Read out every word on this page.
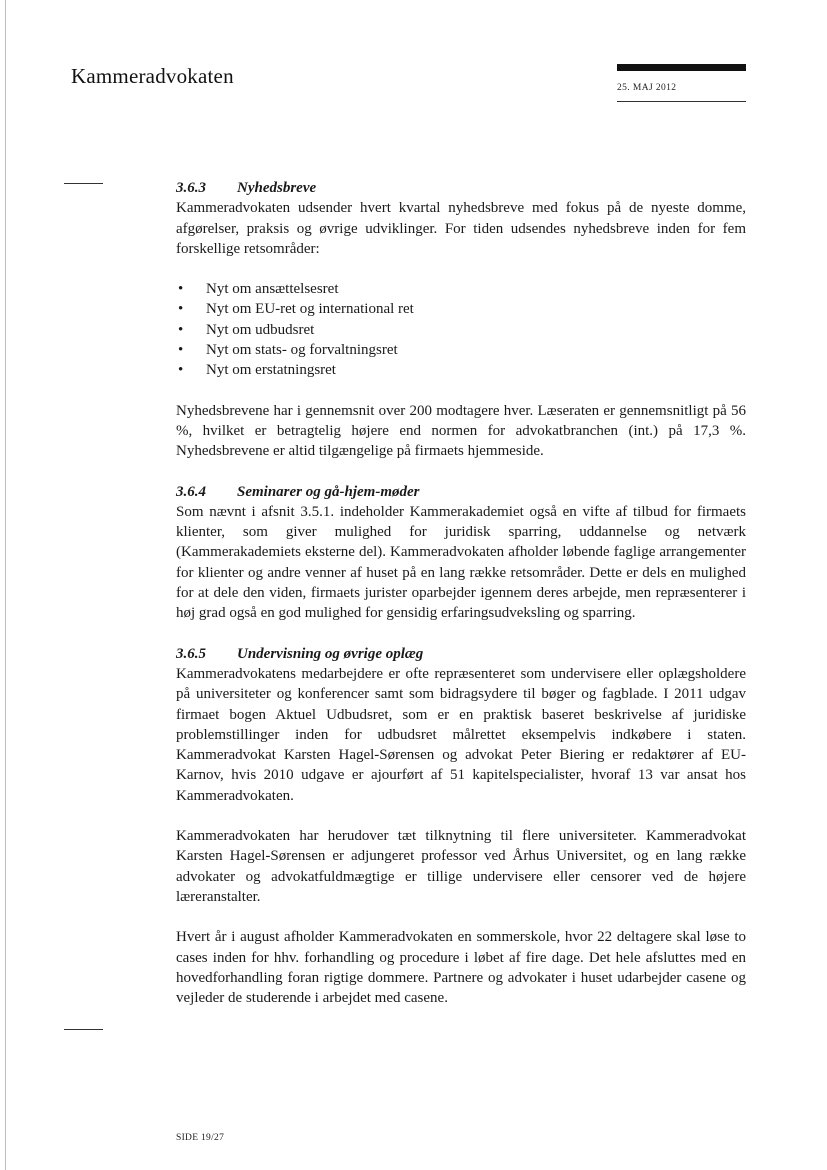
Kammeradvokaten	25. MAJ 2012
3.6.3 Nyhedsbreve

Kammeradvokaten udsender hvert kvartal nyhedsbreve med fokus på de nyeste domme, afgørelser, praksis og øvrige udviklinger. For tiden udsendes nyhedsbreve inden for fem forskellige retsområder:

• Nyt om ansættelsesret
• Nyt om EU-ret og international ret
• Nyt om udbudsret
• Nyt om stats- og forvaltningsret
• Nyt om erstatningsret

Nyhedsbrevene har i gennemsnit over 200 modtagere hver. Læseraten er gennemsnitligt på 56 %, hvilket er betragtelig højere end normen for advokatbranchen (int.) på 17,3 %. Nyhedsbrevene er altid tilgængelige på firmaets hjemmeside.

3.6.4 Seminarer og gå-hjem-møder

Som nævnt i afsnit 3.5.1. indeholder Kammerakademiet også en vifte af tilbud for firmaets klienter, som giver mulighed for juridisk sparring, uddannelse og netværk (Kammerakademiets eksterne del). Kammeradvokaten afholder løbende faglige arrangementer for klienter og andre venner af huset på en lang række retsområder. Dette er dels en mulighed for at dele den viden, firmaets jurister oparbejder igennem deres arbejde, men repræsenterer i høj grad også en god mulighed for gensidig erfaringsudveksling og sparring.

3.6.5 Undervisning og øvrige oplæg

Kammeradvokatens medarbejdere er ofte repræsenteret som undervisere eller oplægsholdere på universiteter og konferencer samt som bidragsydere til bøger og fagblade. I 2011 udgav firmaet bogen Aktuel Udbudsret, som er en praktisk baseret beskrivelse af juridiske problemstillinger inden for udbudsret målrettet eksempelvis indkøbere i staten. Kammeradvokat Karsten Hagel-Sørensen og advokat Peter Biering er redaktører af EU-Karnov, hvis 2010 udgave er ajourført af 51 kapitelspecialister, hvoraf 13 var ansat hos Kammeradvokaten.

Kammeradvokaten har herudover tæt tilknytning til flere universiteter. Kammeradvokat Karsten Hagel-Sørensen er adjungeret professor ved Århus Universitet, og en lang række advokater og advokatfuldmægtige er tillige undervisere eller censorer ved de højere læreranstalter.

Hvert år i august afholder Kammeradvokaten en sommerskole, hvor 22 deltagere skal løse to cases inden for hhv. forhandling og procedure i løbet af fire dage. Det hele afsluttes med en hovedforhandling foran rigtige dommere. Partnere og advokater i huset udarbejder casene og vejleder de studerende i arbejdet med casene.

SIDE 19/27
